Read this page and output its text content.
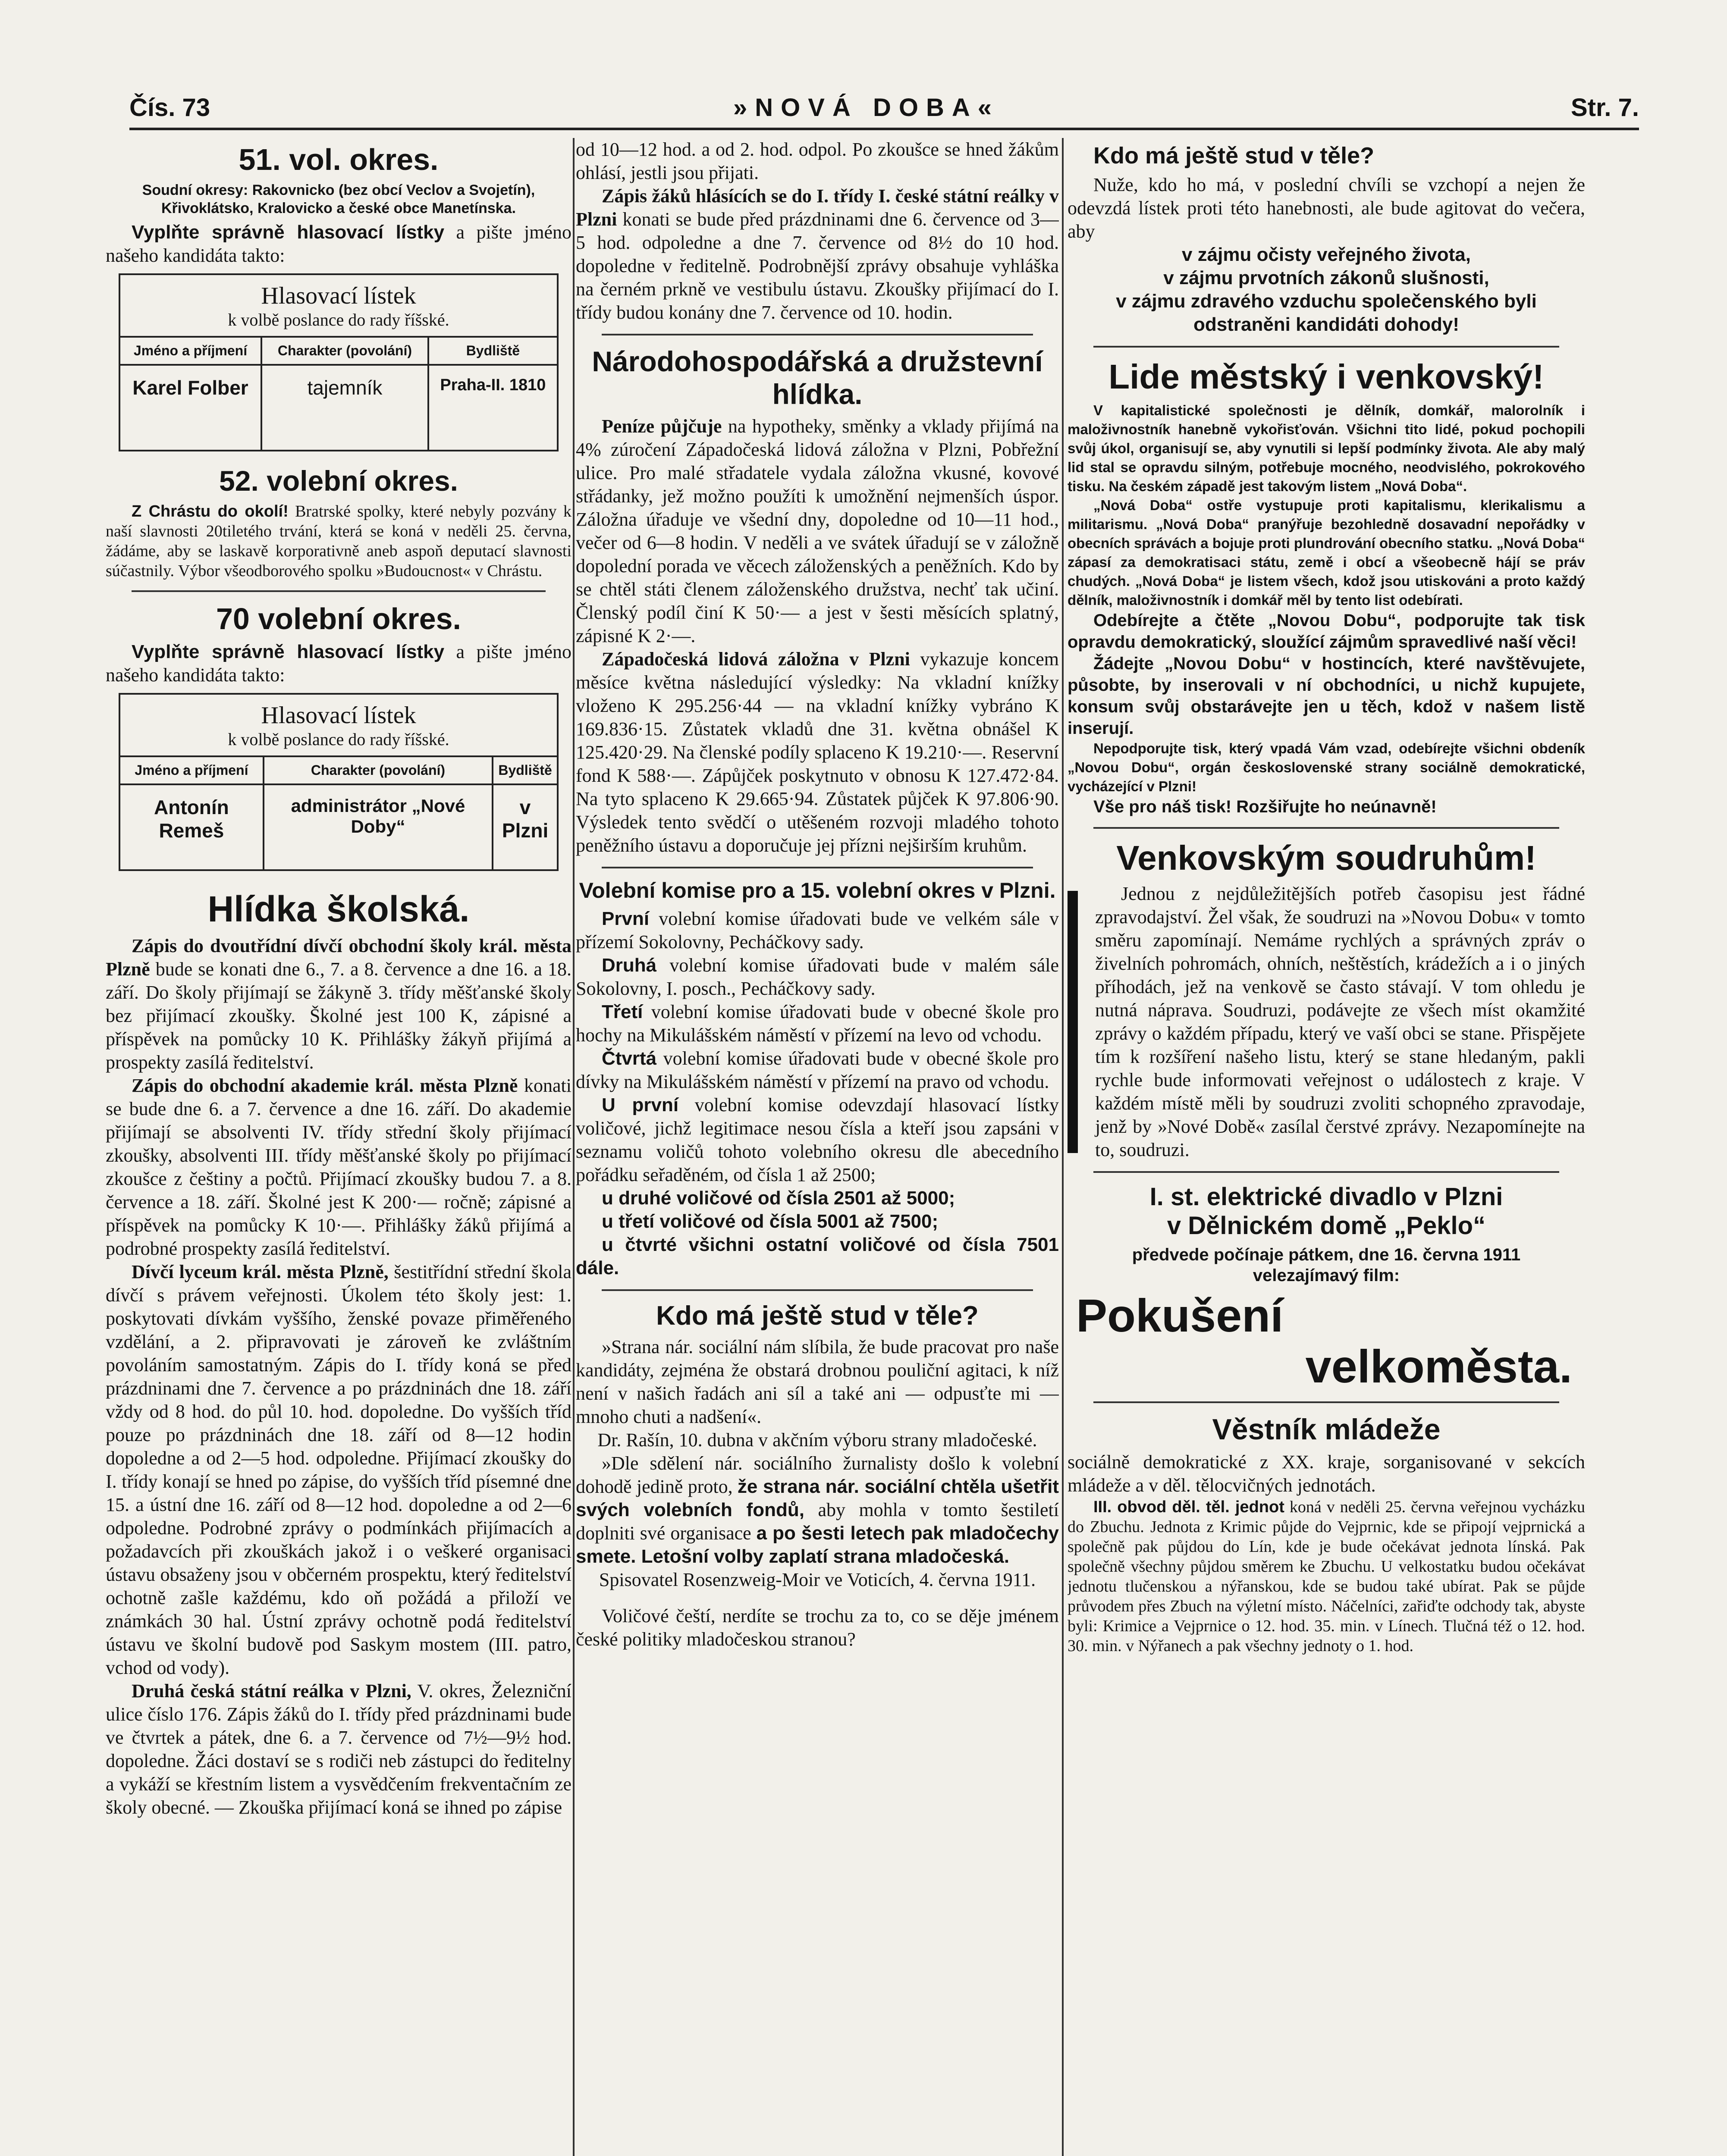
Čís. 73	»NOVÁ DOBA«	Str. 7.
51. vol. okres.
Soudní okresy: Rakovnicko (bez obcí Veclov a Svojetín), Křivoklátsko, Kralovicko a české obce Manetínska.

Vyplňte správně hlasovací lístky a pište jméno našeho kandidáta takto:

Hlasovací lístek
k volbě poslance do rady říšské.
Jméno a příjmení	Charakter (povolání)	Bydliště
Karel Folber	tajemník	Praha-II. 1810
52. volební okres.

Z Chrástu do okolí! Bratrské spolky, které nebyly pozvány k naší slavnosti 20tiletého trvání, která se koná v neděli 25. června, žádáme, aby se laskavě korporativně aneb aspoň deputací slavnosti súčastnily. Výbor všeodborového spolku »Budoucnost« v Chrástu.

70 volební okres.

Vyplňte správně hlasovací lístky a pište jméno našeho kandidáta takto:

Hlasovací lístek
k volbě poslance do rady říšské.
Jméno a příjmení	Charakter (povolání)	Bydliště
Antonín Remeš	administrátor „Nové Doby“	v Plzni
Hlídka školská.

Zápis do dvoutřídní dívčí obchodní školy král. města Plzně bude se konati dne 6., 7. a 8. července a dne 16. a 18. září. Do školy přijímají se žákyně 3. třídy měšťanské školy bez přijímací zkoušky. Školné jest 100 K, zápisné a příspěvek na pomůcky 10 K. Přihlášky žákyň přijímá a prospekty zasílá ředitelství.

Zápis do obchodní akademie král. města Plzně konati se bude dne 6. a 7. července a dne 16. září. Do akademie přijímají se absolventi IV. třídy střední školy přijímací zkoušky, absolventi III. třídy měšťanské školy po přijímací zkoušce z češtiny a počtů. Přijímací zkoušky budou 7. a 8. července a 18. září. Školné jest K 200·— ročně; zápisné a příspěvek na pomůcky K 10·—. Přihlášky žáků přijímá a podrobné prospekty zasílá ředitelství.

Dívčí lyceum král. města Plzně, šestitřídní střední škola dívčí s právem veřejnosti. Úkolem této školy jest: 1. poskytovati dívkám vyššího, ženské povaze přiměřeného vzdělání, a 2. připravovati je zároveň ke zvláštním povoláním samostatným. Zápis do I. třídy koná se před prázdninami dne 7. července a po prázdninách dne 18. září vždy od 8 hod. do půl 10. hod. dopoledne. Do vyšších tříd pouze po prázdninách dne 18. září od 8—12 hodin dopoledne a od 2—5 hod. odpoledne. Přijímací zkoušky do I. třídy konají se hned po zápise, do vyšších tříd písemné dne 15. a ústní dne 16. září od 8—12 hod. dopoledne a od 2—6 odpoledne. Podrobné zprávy o podmínkách přijímacích a požadavcích při zkouškách jakož i o veškeré organisaci ústavu obsaženy jsou v občerném prospektu, který ředitelství ochotně zašle každému, kdo oň požádá a přiloží ve známkách 30 hal. Ústní zprávy ochotně podá ředitelství ústavu ve školní budově pod Saskym mostem (III. patro, vchod od vody).

Druhá česká státní reálka v Plzni, V. okres, Železniční ulice číslo 176. Zápis žáků do I. třídy před prázdninami bude ve čtvrtek a pátek, dne 6. a 7. července od 7½—9½ hod. dopoledne. Žáci dostaví se s rodiči neb zástupci do ředitelny a vykáží se křestním listem a vysvědčením frekventačním ze školy obecné. — Zkouška přijímací koná se ihned po zápise

od 10—12 hod. a od 2. hod. odpol. Po zkoušce se hned žákům ohlásí, jestli jsou přijati.

Zápis žáků hlásících se do I. třídy I. české státní reálky v Plzni konati se bude před prázdninami dne 6. července od 3—5 hod. odpoledne a dne 7. července od 8½ do 10 hod. dopoledne v ředitelně. Podrobnější zprávy obsahuje vyhláška na černém prkně ve vestibulu ústavu. Zkoušky přijímací do I. třídy budou konány dne 7. července od 10. hodin.

Národohospodářská a družstevní hlídka.

Peníze půjčuje na hypotheky, směnky a vklady přijímá na 4% zúročení Západočeská lidová záložna v Plzni, Pobřežní ulice. Pro malé střadatele vydala záložna vkusné, kovové střádanky, jež možno použíti k umožnění nejmenších úspor. Záložna úřaduje ve všední dny, dopoledne od 10—11 hod., večer od 6—8 hodin. V neděli a ve svátek úřadují se v záložně dopolední porada ve věcech záloženských a peněžních. Kdo by se chtěl státi členem záloženského družstva, nechť tak učiní. Členský podíl činí K 50·— a jest v šesti měsících splatný, zápisné K 2·—.

Západočeská lidová záložna v Plzni vykazuje koncem měsíce května následující výsledky: Na vkladní knížky vloženo K 295.256·44 — na vkladní knížky vybráno K 169.836·15. Zůstatek vkladů dne 31. května obnášel K 125.420·29. Na členské podíly splaceno K 19.210·—. Reservní fond K 588·—. Zápůjček poskytnuto v obnosu K 127.472·84. Na tyto splaceno K 29.665·94. Zůstatek půjček K 97.806·90. Výsledek tento svědčí o utěšeném rozvoji mladého tohoto peněžního ústavu a doporučuje jej přízni nejširším kruhům.

Volební komise pro a 15. volební okres v Plzni.

První volební komise úřadovati bude ve velkém sále v přízemí Sokolovny, Pecháčkovy sady.

Druhá volební komise úřadovati bude v malém sále Sokolovny, I. posch., Pecháčkovy sady.

Třetí volební komise úřadovati bude v obecné škole pro hochy na Mikulášském náměstí v přízemí na levo od vchodu.

Čtvrtá volební komise úřadovati bude v obecné škole pro dívky na Mikulášském náměstí v přízemí na pravo od vchodu.

U první volební komise odevzdají hlasovací lístky voličové, jichž legitimace nesou čísla a kteří jsou zapsáni v seznamu voličů tohoto volebního okresu dle abecedního pořádku seřaděném, od čísla 1 až 2500;

u druhé voličové od čísla 2501 až 5000;

u třetí voličové od čísla 5001 až 7500;

u čtvrté všichni ostatní voličové od čísla 7501 dále.

Kdo má ještě stud v těle?

»Strana nár. sociální nám slíbila, že bude pracovat pro naše kandidáty, zejména že obstará drobnou pouliční agitaci, k níž není v našich řadách ani síl a také ani — odpusťte mi — mnoho chuti a nadšení«.

Dr. Rašín, 10. dubna v akčním výboru strany mladočeské.

»Dle sdělení nár. sociálního žurnalisty došlo k volební dohodě jedině proto, že strana nár. sociální chtěla ušetřit svých volebních fondů, aby mohla v tomto šestiletí doplniti své organisace a po šesti letech pak mladočechy smete. Letošní volby zaplatí strana mladočeská.

Spisovatel Rosenzweig-Moir ve Voticích, 4. června 1911.

Voličové čeští, nerdíte se trochu za to, co se děje jménem české politiky mladočeskou stranou?

Kdo má ještě stud v těle?

Nuže, kdo ho má, v poslední chvíli se vzchopí a nejen že odevzdá lístek proti této hanebnosti, ale bude agitovat do večera, aby

v zájmu očisty veřejného života,

v zájmu prvotních zákonů slušnosti,

v zájmu zdravého vzduchu společenského byli odstraněni kandidáti dohody!

Lide městský i venkovský!

V kapitalistické společnosti je dělník, domkář, malorolník i maloživnostník hanebně vykořisťován. Všichni tito lidé, pokud pochopili svůj úkol, organisují se, aby vynutili si lepší podmínky života. Ale aby malý lid stal se opravdu silným, potřebuje mocného, neodvislého, pokrokového tisku. Na českém západě jest takovým listem „Nová Doba“.

„Nová Doba“ ostře vystupuje proti kapitalismu, klerikalismu a militarismu. „Nová Doba“ pranýřuje bezohledně dosavadní nepořádky v obecních správách a bojuje proti plundrování obecního statku. „Nová Doba“ zápasí za demokratisaci státu, země i obcí a všeobecně hájí se práv chudých. „Nová Doba“ je listem všech, kdož jsou utiskováni a proto každý dělník, maloživnostník i domkář měl by tento list odebírati.

Odebírejte a čtěte „Novou Dobu“, podporujte tak tisk opravdu demokratický, sloužící zájmům spravedlivé naší věci!

Žádejte „Novou Dobu“ v hostincích, které navštěvujete, působte, by inserovali v ní obchodníci, u nichž kupujete, konsum svůj obstarávejte jen u těch, kdož v našem listě inserují.

Nepodporujte tisk, který vpadá Vám vzad, odebírejte všichni obdeník „Novou Dobu“, orgán československé strany sociálně demokratické, vycházející v Plzni!

Vše pro náš tisk! Rozšiřujte ho neúnavně!

Venkovským soudruhům!

Jednou z nejdůležitějších potřeb časopisu jest řádné zpravodajství. Žel však, že soudruzi na »Novou Dobu« v tomto směru zapomínají. Nemáme rychlých a správných zpráv o živelních pohromách, ohních, neštěstích, krádežích a i o jiných příhodách, jež na venkově se často stávají. V tom ohledu je nutná náprava. Soudruzi, podávejte ze všech míst okamžité zprávy o každém případu, který ve vaší obci se stane. Přispějete tím k rozšíření našeho listu, který se stane hledaným, pakli rychle bude informovati veřejnost o událostech z kraje. V každém místě měli by soudruzi zvoliti schopného zpravodaje, jenž by »Nové Době« zasílal čerstvé zprávy. Nezapomínejte na to, soudruzi.

I. st. elektrické divadlo v Plzni
v Dělnickém domě „Peklo“
předvede počínaje pátkem, dne 16. června 1911 velezajímavý film:
Pokušení
velkoměsta.
Věstník mládeže

sociálně demokratické z XX. kraje, sorganisované v sekcích mládeže a v děl. tělocvičných jednotách.

III. obvod děl. těl. jednot koná v neděli 25. června veřejnou vycházku do Zbuchu. Jednota z Krimic půjde do Vejprnic, kde se připojí vejprnická a společně pak půjdou do Lín, kde je bude očekávat jednota línská. Pak společně všechny půjdou směrem ke Zbuchu. U velkostatku budou očekávat jednotu tlučenskou a nýřanskou, kde se budou také ubírat. Pak se půjde průvodem přes Zbuch na výletní místo. Náčelníci, zařiďte odchody tak, abyste byli: Krimice a Vejprnice o 12. hod. 35. min. v Línech. Tlučná též o 12. hod. 30. min. v Nýřanech a pak všechny jednoty o 1. hod.
